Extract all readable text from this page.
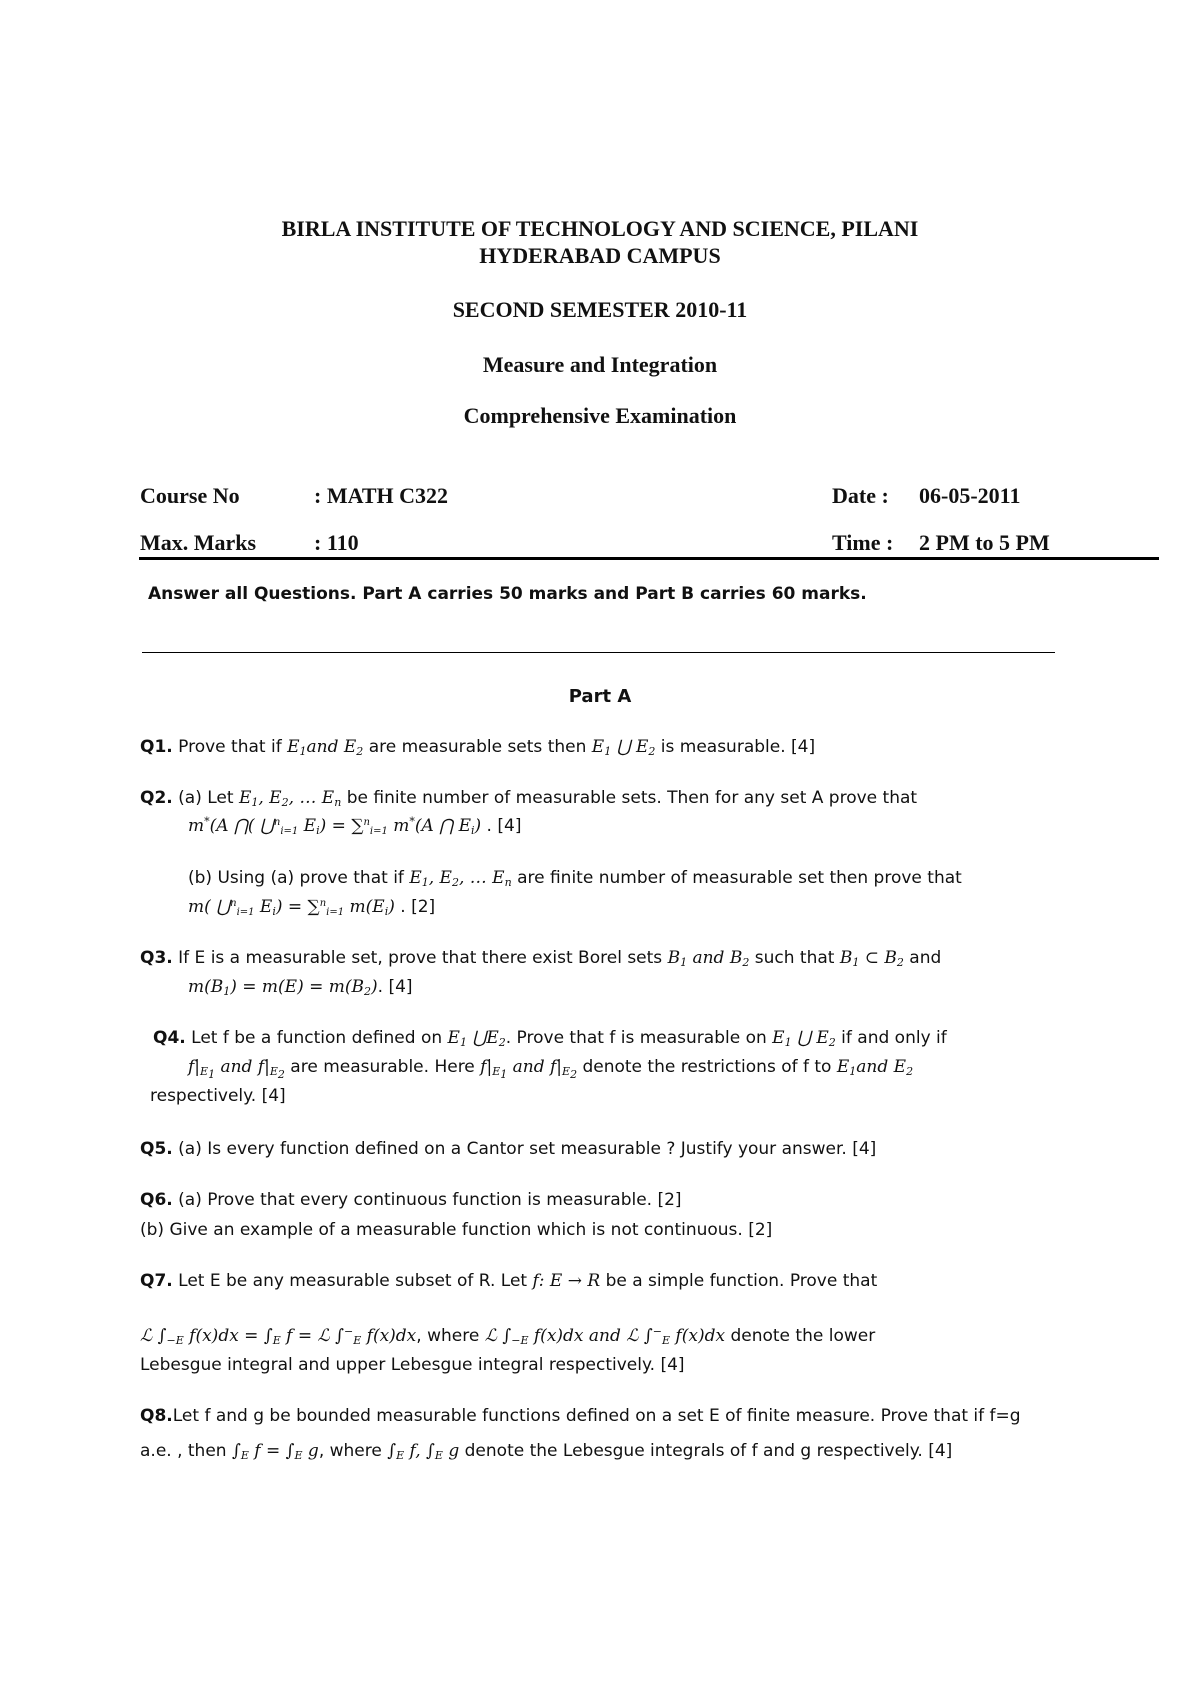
BIRLA INSTITUTE OF TECHNOLOGY AND SCIENCE, PILANI
HYDERABAD CAMPUS
SECOND SEMESTER 2010-11
Measure and Integration
Comprehensive Examination
Course No	: MATH C322	Date : 06-05-2011
Max. Marks	: 110	Time : 2 PM to 5 PM
Answer all Questions. Part A carries 50 marks and Part B carries 60 marks.
Part A
Q1. Prove that if $E_1and$ $E_2$ are measurable sets then $E_1$ ⋃ $E_2$ is measurable. [4]
Q2. (a) Let $E_1$, $E_2$, … $E_n$ be finite number of measurable sets. Then for any set A prove that
m*(A ⋂( ⋃$^n_{i=1}$ $E_i) = \sum^n_{i=1}$ m*(A ⋂ $E_i$) . [4]
(b) Using (a) prove that if $E_1$, $E_2$, … $E_n$ are finite number of measurable set then prove that
m( ⋃$^n_{i=1}$ $E_i) = \sum^n_{i=1}$ $m(E_i)$ . [2]
Q3. If E is a measurable set, prove that there exist Borel sets $B_1$ and $B_2$ such that $B_1$ ⊂ $B_2$ and
$m(B_1) = m(E) = m(B_2)$. [4]
Q4. Let f be a function defined on $E_1$ $⋃E_2$. Prove that f is measurable on $E_1$ ⋃ $E_2$ if and only if
$f|_{E_1}$ and $f|_{E_2}$ are measurable. Here $f|_{E_1}$ and $f|_{E_2}$ denote the restrictions of f to $E_1and$ $E_2$
respectively. [4]
Q5. (a) Is every function defined on a Cantor set measurable ? Justify your answer. [4]
Q6. (a) Prove that every continuous function is measurable. [2]
(b) Give an example of a measurable function which is not continuous. [2]
Q7. Let E be any measurable subset of R. Let f: E → R be a simple function. Prove that
ℒ $\int_{-E}$ $f(x)dx = \int_E$ f = ℒ $\int^-_E$ f(x)dx, where ℒ $\int_{-E}$ f(x)dx and ℒ $\int^-_E$ f(x)dx denote the lower
Lebesgue integral and upper Lebesgue integral respectively. [4]
Q8.Let f and g be bounded measurable functions defined on a set E of finite measure. Prove that if f=g
a.e. , then $\int_E$ $f = \int_E$ g, where $\int_E$ f, $\int_E$ g denote the Lebesgue integrals of f and g respectively. [4]
